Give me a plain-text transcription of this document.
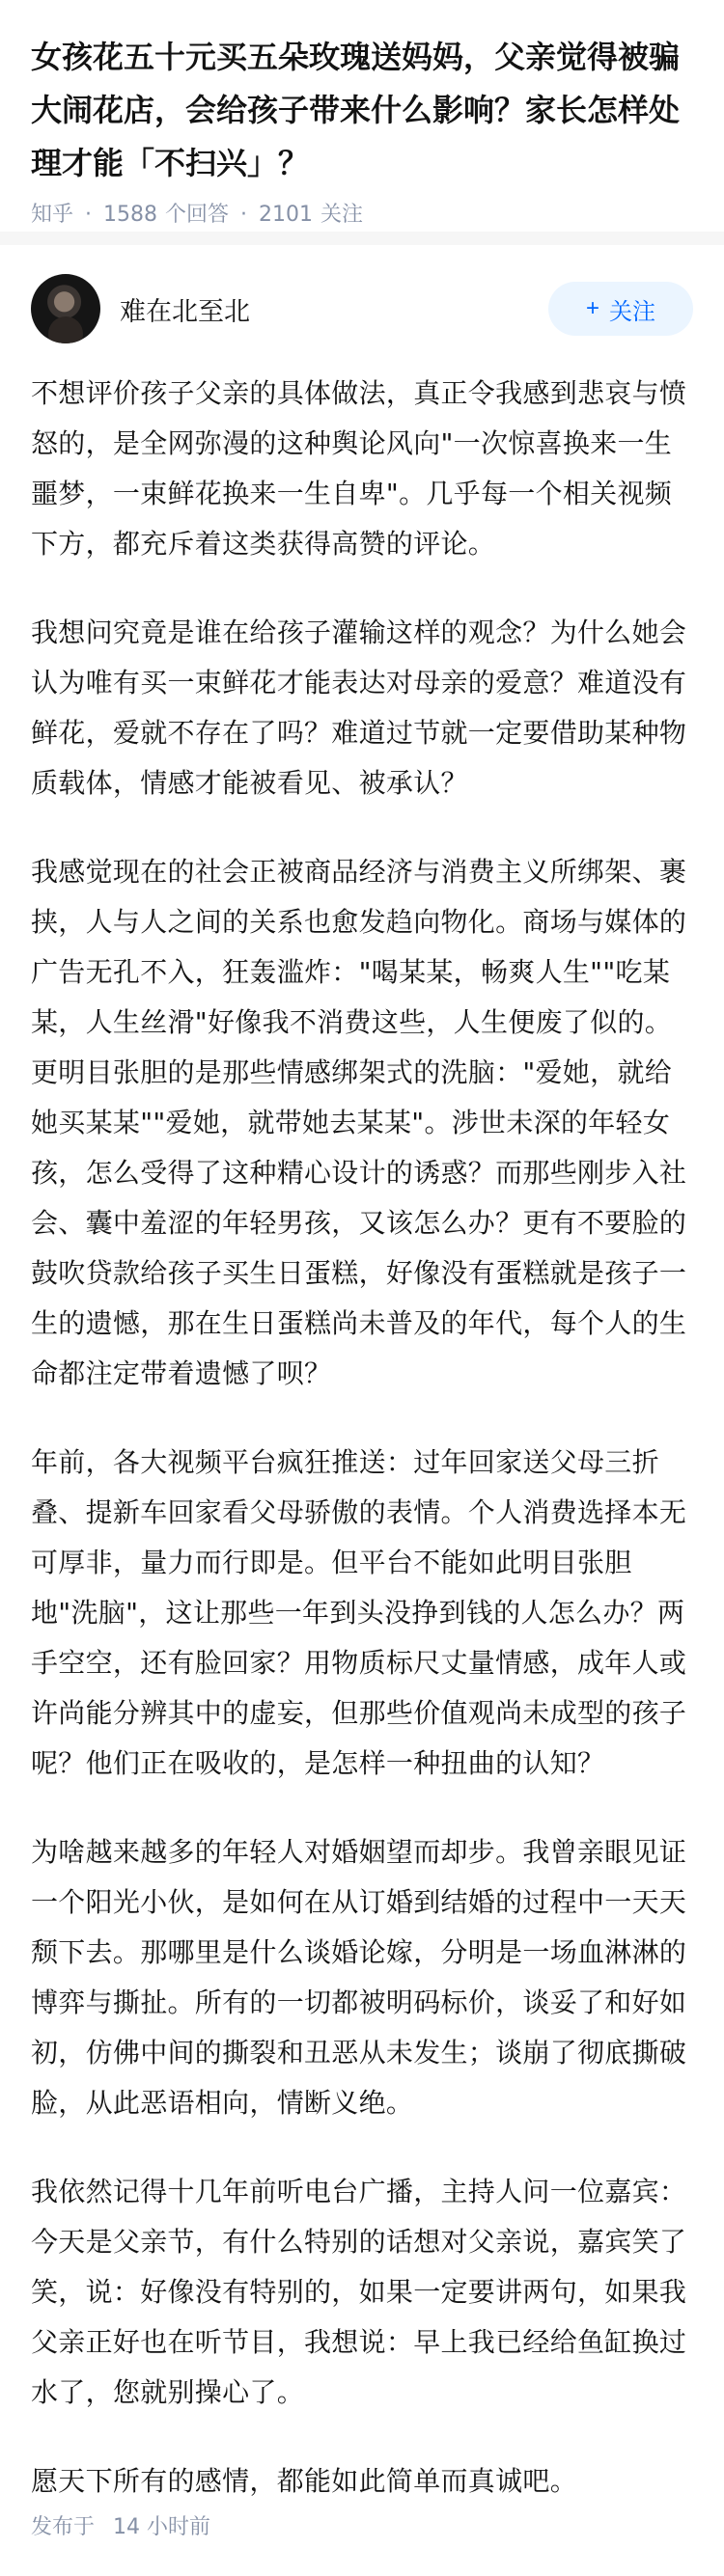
女孩花五十元买五朵玫瑰送妈妈，父亲觉得被骗大闹花店，会给孩子带来什么影响？家长怎样处理才能「不扫兴」？
知乎 · 1588 个回答 · 2101 关注
难在北至北	+ 关注

不想评价孩子父亲的具体做法，真正令我感到悲哀与愤怒的，是全网弥漫的这种舆论风向"一次惊喜换来一生噩梦，一束鲜花换来一生自卑"。几乎每一个相关视频下方，都充斥着这类获得高赞的评论。

我想问究竟是谁在给孩子灌输这样的观念？为什么她会认为唯有买一束鲜花才能表达对母亲的爱意？难道没有鲜花，爱就不存在了吗？难道过节就一定要借助某种物质载体，情感才能被看见、被承认？

我感觉现在的社会正被商品经济与消费主义所绑架、裹挟，人与人之间的关系也愈发趋向物化。商场与媒体的广告无孔不入，狂轰滥炸："喝某某，畅爽人生""吃某某，人生丝滑"好像我不消费这些，人生便废了似的。更明目张胆的是那些情感绑架式的洗脑："爱她，就给她买某某""爱她，就带她去某某"。涉世未深的年轻女孩，怎么受得了这种精心设计的诱惑？而那些刚步入社会、囊中羞涩的年轻男孩，又该怎么办？更有不要脸的鼓吹贷款给孩子买生日蛋糕，好像没有蛋糕就是孩子一生的遗憾，那在生日蛋糕尚未普及的年代，每个人的生命都注定带着遗憾了呗？

年前，各大视频平台疯狂推送：过年回家送父母三折叠、提新车回家看父母骄傲的表情。个人消费选择本无可厚非，量力而行即是。但平台不能如此明目张胆地"洗脑"，这让那些一年到头没挣到钱的人怎么办？两手空空，还有脸回家？用物质标尺丈量情感，成年人或许尚能分辨其中的虚妄，但那些价值观尚未成型的孩子呢？他们正在吸收的，是怎样一种扭曲的认知？

为啥越来越多的年轻人对婚姻望而却步。我曾亲眼见证一个阳光小伙，是如何在从订婚到结婚的过程中一天天颓下去。那哪里是什么谈婚论嫁，分明是一场血淋淋的博弈与撕扯。所有的一切都被明码标价，谈妥了和好如初，仿佛中间的撕裂和丑恶从未发生；谈崩了彻底撕破脸，从此恶语相向，情断义绝。

我依然记得十几年前听电台广播，主持人问一位嘉宾：今天是父亲节，有什么特别的话想对父亲说，嘉宾笑了笑，说：好像没有特别的，如果一定要讲两句，如果我父亲正好也在听节目，我想说：早上我已经给鱼缸换过水了，您就别操心了。

愿天下所有的感情，都能如此简单而真诚吧。

发布于 14 小时前
